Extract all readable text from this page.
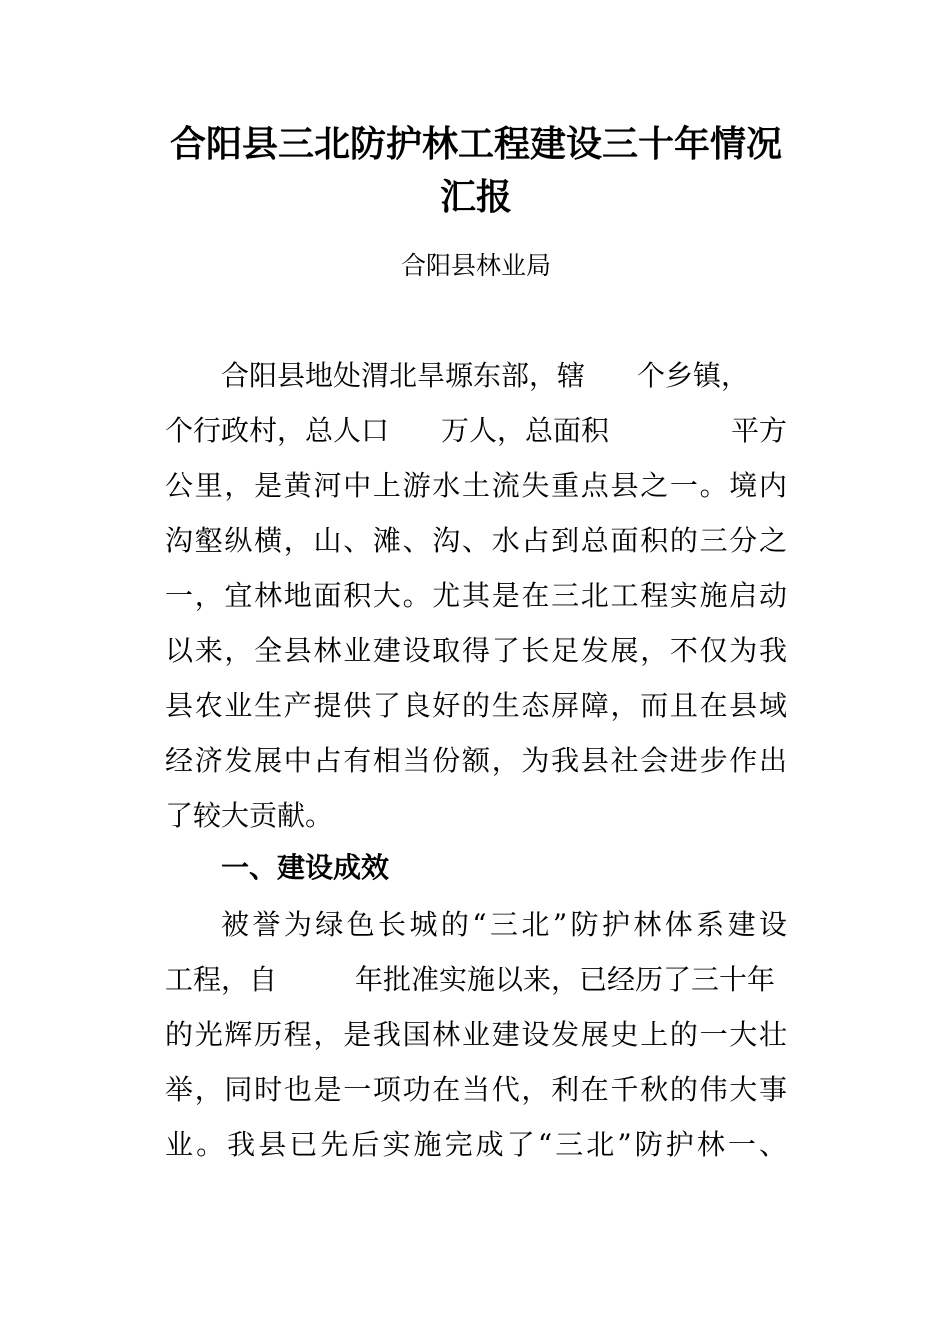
合阳县三北防护林工程建设三十年情况
汇报
合阳县林业局
合阳县地处渭北旱塬东部，辖 个乡镇，
个行政村，总人口 万人，总面积	平方
公里，是黄河中上游水土流失重点县之一。境内
沟壑纵横，山、滩、沟、水占到总面积的三分之
一，宜林地面积大。尤其是在三北工程实施启动
以来，全县林业建设取得了长足发展，不仅为我
县农业生产提供了良好的生态屏障，而且在县域
经济发展中占有相当份额，为我县社会进步作出
了较大贡献。
一、建设成效
被誉为绿色长城的“三北”防护林体系建设
工程，自	年批准实施以来，已经历了三十年
的光辉历程，是我国林业建设发展史上的一大壮
举，同时也是一项功在当代，利在千秋的伟大事
业。我县已先后实施完成了“三北”防护林一、
